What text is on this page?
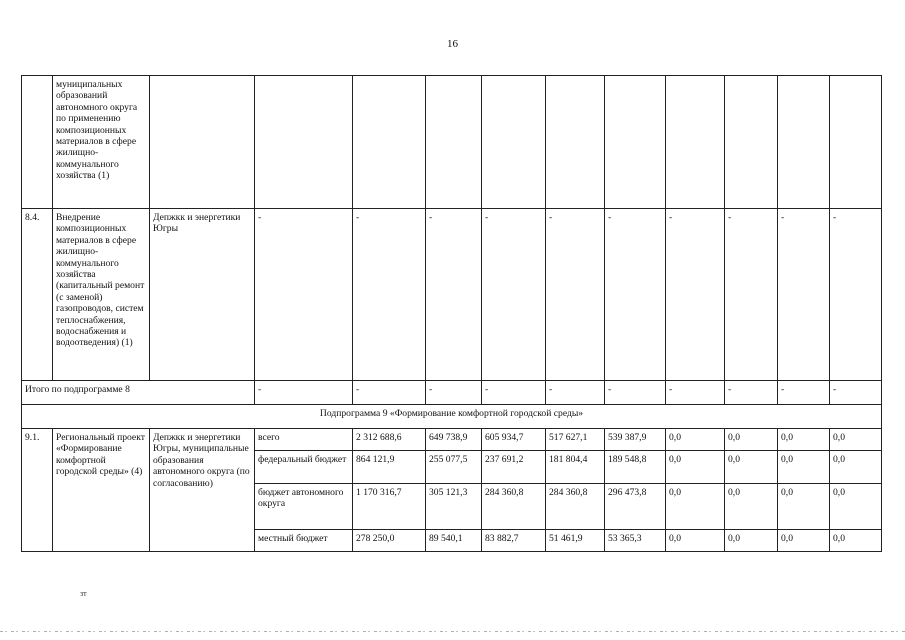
16
	муниципальных образований автономного округа по применению композиционных материалов в сфере жилищно-коммунального хозяйства (1)											
8.4.	Внедрение композиционных материалов в сфере жилищно-коммунального хозяйства (капитальный ремонт (с заменой) газопроводов, систем теплоснабжения, водоснабжения и водоотведения) (1)	Депжкк и энергетики Югры	-	-	-	-	-	-	-	-	-	-
Итого по подпрограмме 8			-	-	-	-	-	-	-	-	-	-
Подпрограмма 9 «Формирование комфортной городской среды»												
9.1.	Региональный проект «Формирование комфортной городской среды» (4)	Депжкк и энергетики Югры, муниципальные образования автономного округа (по согласованию)	всего	2 312 688,6	649 738,9	605 934,7	517 627,1	539 387,9	0,0	0,0	0,0	0,0
			федеральный бюджет	864 121,9	255 077,5	237 691,2	181 804,4	189 548,8	0,0	0,0	0,0	0,0
			бюджет автономного округа	1 170 316,7	305 121,3	284 360,8	284 360,8	296 473,8	0,0	0,0	0,0	0,0
			местный бюджет	278 250,0	89 540,1	83 882,7	51 461,9	53 365,3	0,0	0,0	0,0	0,0
зт
